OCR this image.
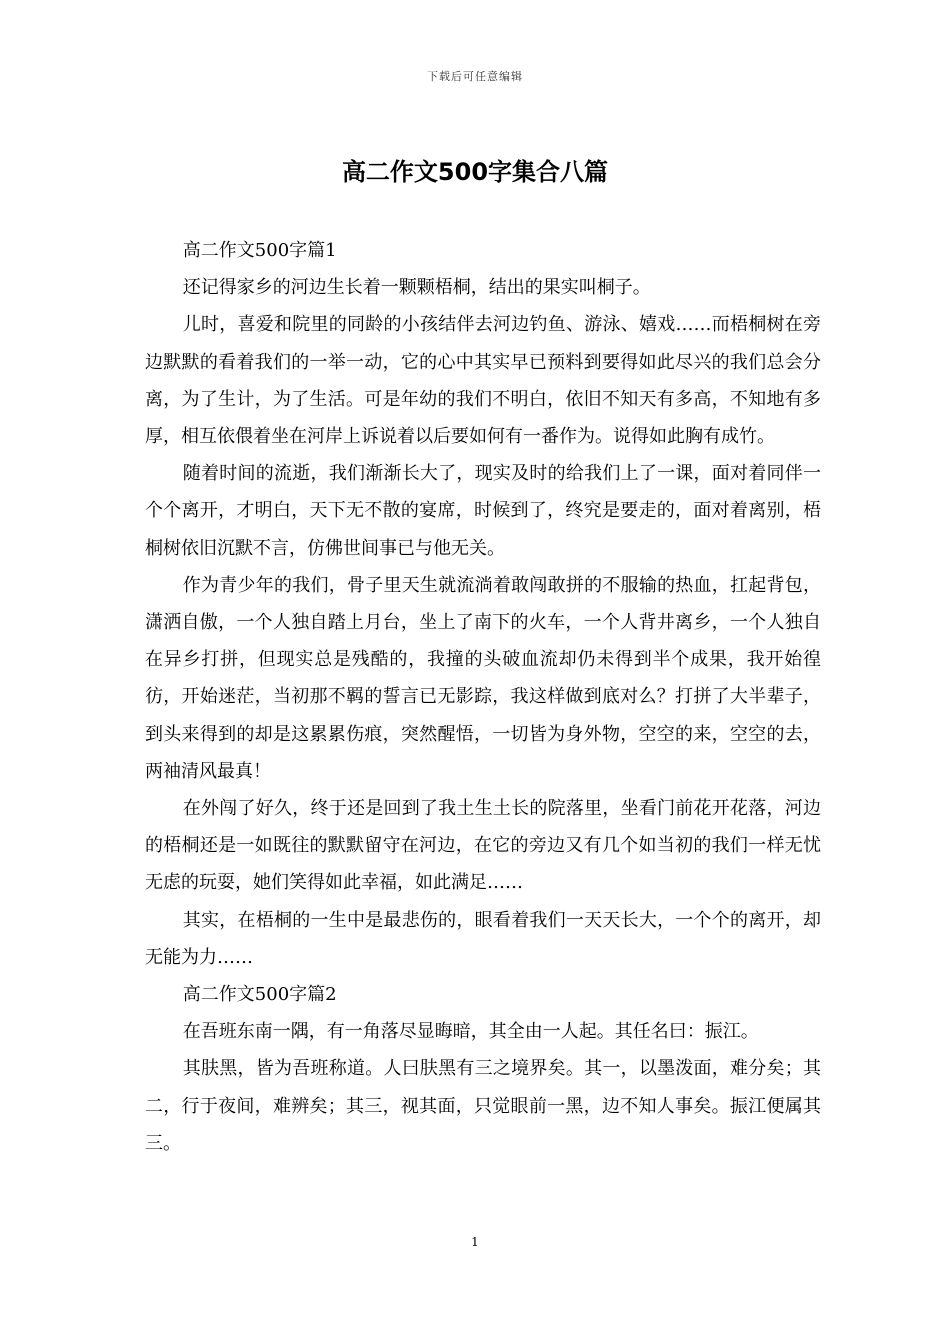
下载后可任意编辑
高二作文500字集合八篇

高二作文500字篇1

还记得家乡的河边生长着一颗颗梧桐，结出的果实叫桐子。

儿时，喜爱和院里的同龄的小孩结伴去河边钓鱼、游泳、嬉戏……而梧桐树在旁边默默的看着我们的一举一动，它的心中其实早已预料到要得如此尽兴的我们总会分离，为了生计，为了生活。可是年幼的我们不明白，依旧不知天有多高，不知地有多厚，相互依偎着坐在河岸上诉说着以后要如何有一番作为。说得如此胸有成竹。

随着时间的流逝，我们渐渐长大了，现实及时的给我们上了一课，面对着同伴一个个离开，才明白，天下无不散的宴席，时候到了，终究是要走的，面对着离别，梧桐树依旧沉默不言，仿佛世间事已与他无关。

作为青少年的我们，骨子里天生就流淌着敢闯敢拼的不服输的热血，扛起背包，潇洒自傲，一个人独自踏上月台，坐上了南下的火车，一个人背井离乡，一个人独自在异乡打拼，但现实总是残酷的，我撞的头破血流却仍未得到半个成果，我开始徨彷，开始迷茫，当初那不羁的誓言已无影踪，我这样做到底对么？打拼了大半辈子，到头来得到的却是这累累伤痕，突然醒悟，一切皆为身外物，空空的来，空空的去，两袖清风最真！

在外闯了好久，终于还是回到了我土生土长的院落里，坐看门前花开花落，河边的梧桐还是一如既往的默默留守在河边，在它的旁边又有几个如当初的我们一样无忧无虑的玩耍，她们笑得如此幸福，如此满足……

其实，在梧桐的一生中是最悲伤的，眼看着我们一天天长大，一个个的离开，却无能为力……

高二作文500字篇2

在吾班东南一隅，有一角落尽显晦暗，其全由一人起。其任名曰：振江。

其肤黑，皆为吾班称道。人曰肤黑有三之境界矣。其一，以墨泼面，难分矣；其二，行于夜间，难辨矣；其三，视其面，只觉眼前一黑，边不知人事矣。振江便属其三。

1
